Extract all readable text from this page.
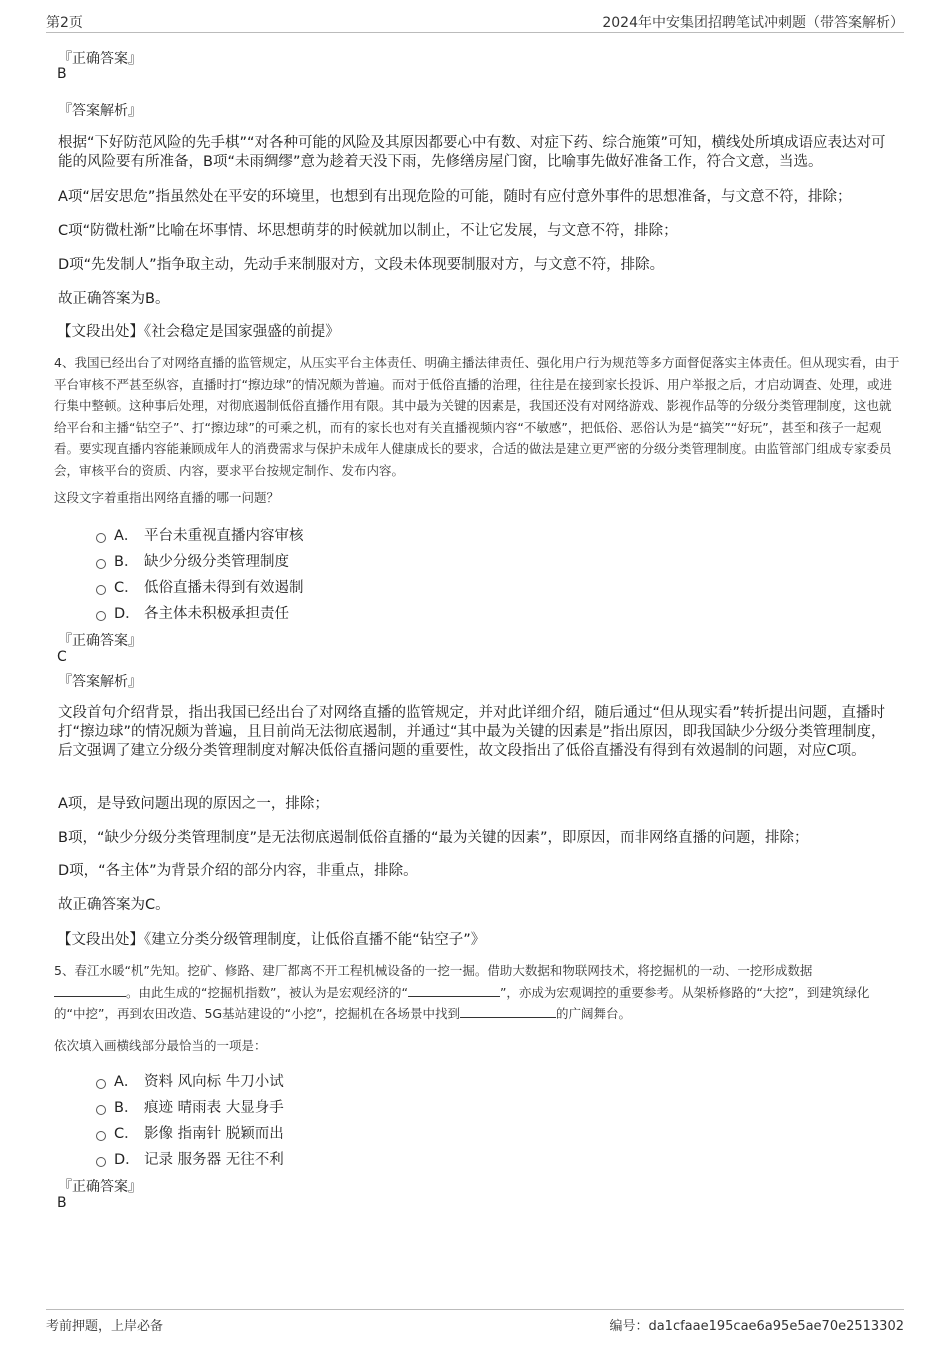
第2页	2024年中安集团招聘笔试冲刺题（带答案解析）
『正确答案』
B
『答案解析』

根据“下好防范风险的先手棋”“对各种可能的风险及其原因都要心中有数、对症下药、综合施策”可知，横线处所填成语应表达对可能的风险要有所准备，B项“未雨绸缪”意为趁着天没下雨，先修缮房屋门窗，比喻事先做好准备工作，符合文意，当选。

A项“居安思危”指虽然处在平安的环境里，也想到有出现危险的可能，随时有应付意外事件的思想准备，与文意不符，排除；
C项“防微杜渐”比喻在坏事情、坏思想萌芽的时候就加以制止，不让它发展，与文意不符，排除；
D项“先发制人”指争取主动，先动手来制服对方，文段未体现要制服对方，与文意不符，排除。
故正确答案为B。
【文段出处】《社会稳定是国家强盛的前提》

4、我国已经出台了对网络直播的监管规定，从压实平台主体责任、明确主播法律责任、强化用户行为规范等多方面督促落实主体责任。但从现实看，由于平台审核不严甚至纵容，直播时打“擦边球”的情况颇为普遍。而对于低俗直播的治理，往往是在接到家长投诉、用户举报之后，才启动调查、处理，或进行集中整顿。这种事后处理，对彻底遏制低俗直播作用有限。其中最为关键的因素是，我国还没有对网络游戏、影视作品等的分级分类管理制度，这也就给平台和主播“钻空子”、打“擦边球”的可乘之机，而有的家长也对有关直播视频内容“不敏感”，把低俗、恶俗认为是“搞笑”“好玩”，甚至和孩子一起观看。要实现直播内容能兼顾成年人的消费需求与保护未成年人健康成长的要求，合适的做法是建立更严密的分级分类管理制度。由监管部门组成专家委员会，审核平台的资质、内容，要求平台按规定制作、发布内容。

这段文字着重指出网络直播的哪一问题？
A． 平台未重视直播内容审核
B． 缺少分级分类管理制度
C． 低俗直播未得到有效遏制
D． 各主体未积极承担责任
『正确答案』
C
『答案解析』

文段首句介绍背景，指出我国已经出台了对网络直播的监管规定，并对此详细介绍，随后通过“但从现实看”转折提出问题，直播时打“擦边球”的情况颇为普遍，且目前尚无法彻底遏制，并通过“其中最为关键的因素是”指出原因，即我国缺少分级分类管理制度，后文强调了建立分级分类管理制度对解决低俗直播问题的重要性，故文段指出了低俗直播没有得到有效遏制的问题，对应C项。

A项，是导致问题出现的原因之一，排除；
B项，“缺少分级分类管理制度”是无法彻底遏制低俗直播的“最为关键的因素”，即原因，而非网络直播的问题，排除；
D项，“各主体”为背景介绍的部分内容，非重点，排除。
故正确答案为C。
【文段出处】《建立分类分级管理制度，让低俗直播不能“钻空子”》

5、春江水暖“机”先知。挖矿、修路、建厂都离不开工程机械设备的一挖一掘。借助大数据和物联网技术，将挖掘机的一动、一挖形成数据
。由此生成的“挖掘机指数”，被认为是宏观经济的“	”，亦成为宏观调控的重要参考。从架桥修路的“大挖”，到建筑绿化的“中挖”，再到农田改造、5G基站建设的“小挖”，挖掘机在各场景中找到	的广阔舞台。

依次填入画横线部分最恰当的一项是：
A． 资料 风向标 牛刀小试
B． 痕迹 晴雨表 大显身手
C． 影像 指南针 脱颖而出
D． 记录 服务器 无往不利
『正确答案』
B
考前押题，上岸必备	编号：da1cfaae195cae6a95e5ae70e2513302
